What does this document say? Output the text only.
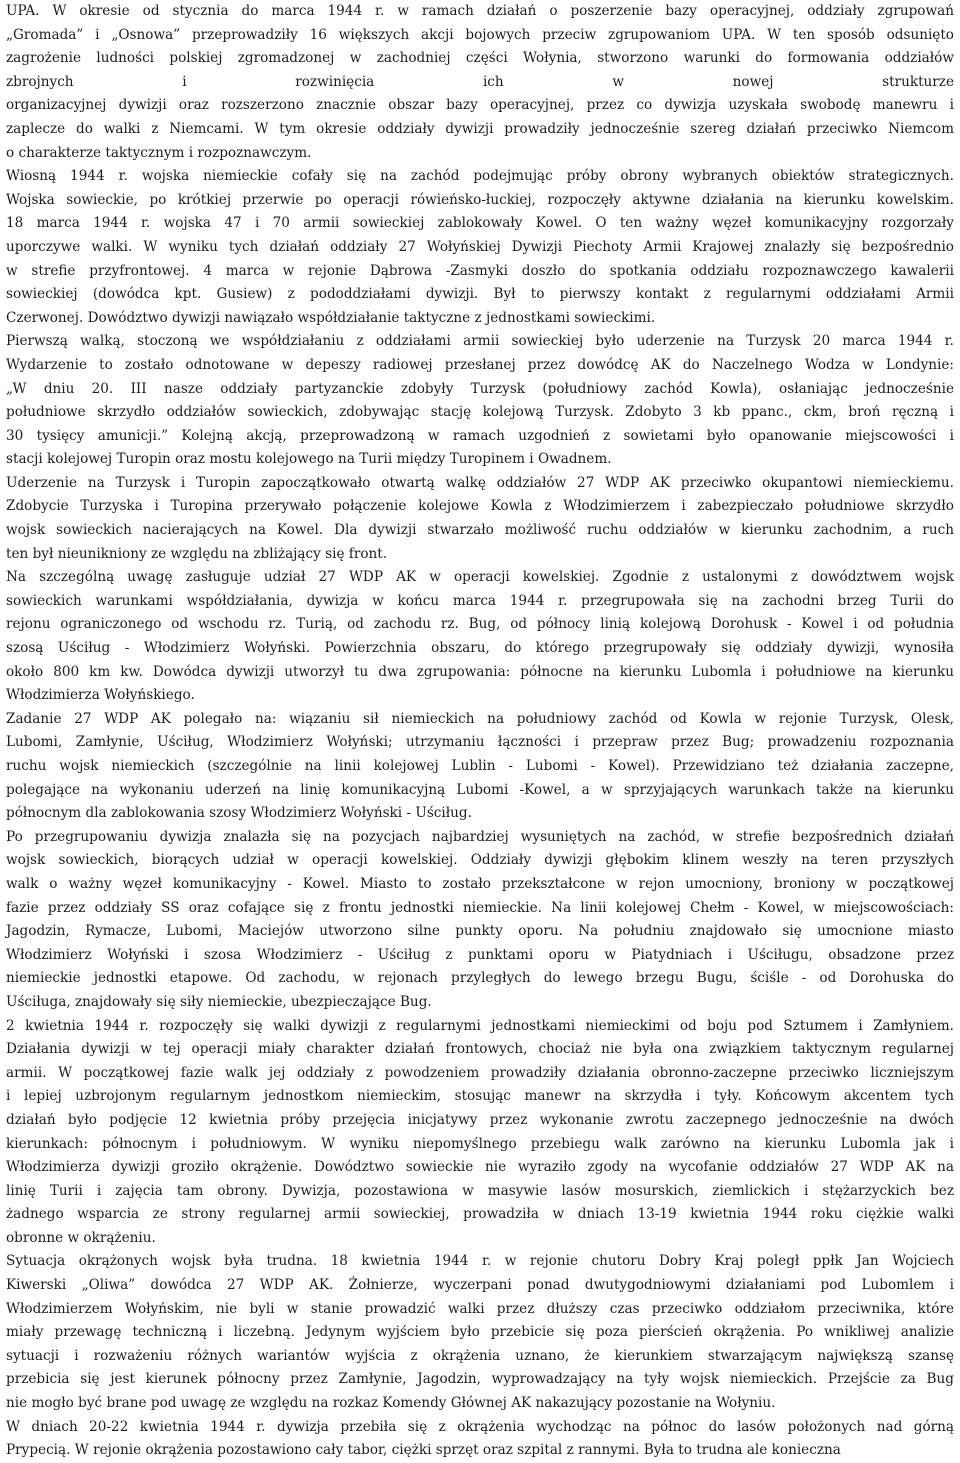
UPA. W okresie od stycznia do marca 1944 r. w ramach działań o poszerzenie bazy operacyjnej, oddziały zgrupowań
„Gromada” i „Osnowa” przeprowadziły 16 większych akcji bojowych przeciw zgrupowaniom UPA. W ten sposób odsunięto
zagrożenie ludności polskiej zgromadzonej w zachodniej części Wołynia, stworzono warunki do formowania oddziałów
zbrojnych i rozwinięcia ich w nowej strukturze
organizacyjnej dywizji oraz rozszerzono znacznie obszar bazy operacyjnej, przez co dywizja uzyskała swobodę manewru i
zaplecze do walki z Niemcami. W tym okresie oddziały dywizji prowadziły jednocześnie szereg działań przeciwko Niemcom
o charakterze taktycznym i rozpoznawczym.

Wiosną 1944 r. wojska niemieckie cofały się na zachód podejmując próby obrony wybranych obiektów strategicznych.
Wojska sowieckie, po krótkiej przerwie po operacji rówieńsko-łuckiej, rozpoczęły aktywne działania na kierunku kowelskim.
18 marca 1944 r. wojska 47 i 70 armii sowieckiej zablokowały Kowel. O ten ważny węzeł komunikacyjny rozgorzały
uporczywe walki. W wyniku tych działań oddziały 27 Wołyńskiej Dywizji Piechoty Armii Krajowej znalazły się bezpośrednio
w strefie przyfrontowej. 4 marca w rejonie Dąbrowa -Zasmyki doszło do spotkania oddziału rozpoznawczego kawalerii
sowieckiej (dowódca kpt. Gusiew) z pododdziałami dywizji. Był to pierwszy kontakt z regularnymi oddziałami Armii
Czerwonej. Dowództwo dywizji nawiązało współdziałanie taktyczne z jednostkami sowieckimi.

Pierwszą walką, stoczoną we współdziałaniu z oddziałami armii sowieckiej było uderzenie na Turzysk 20 marca 1944 r.
Wydarzenie to zostało odnotowane w depeszy radiowej przesłanej przez dowódcę AK do Naczelnego Wodza w Londynie:
„W dniu 20. III nasze oddziały partyzanckie zdobyły Turzysk (południowy zachód Kowla), osłaniając jednocześnie
południowe skrzydło oddziałów sowieckich, zdobywając stację kolejową Turzysk. Zdobyto 3 kb ppanc., ckm, broń ręczną i
30 tysięcy amunicji.” Kolejną akcją, przeprowadzoną w ramach uzgodnień z sowietami było opanowanie miejscowości i
stacji kolejowej Turopin oraz mostu kolejowego na Turii między Turopinem i Owadnem.

Uderzenie na Turzysk i Turopin zapoczątkowało otwartą walkę oddziałów 27 WDP AK przeciwko okupantowi niemieckiemu.
Zdobycie Turzyska i Turopina przerywało połączenie kolejowe Kowla z Włodzimierzem i zabezpieczało południowe skrzydło
wojsk sowieckich nacierających na Kowel. Dla dywizji stwarzało możliwość ruchu oddziałów w kierunku zachodnim, a ruch
ten był nieunikniony ze względu na zbliżający się front.

Na szczególną uwagę zasługuje udział 27 WDP AK w operacji kowelskiej. Zgodnie z ustalonymi z dowództwem wojsk
sowieckich warunkami współdziałania, dywizja w końcu marca 1944 r. przegrupowała się na zachodni brzeg Turii do
rejonu ograniczonego od wschodu rz. Turią, od zachodu rz. Bug, od północy linią kolejową Dorohusk - Kowel i od południa
szosą Uściług - Włodzimierz Wołyński. Powierzchnia obszaru, do którego przegrupowały się oddziały dywizji, wynosiła
około 800 km kw. Dowódca dywizji utworzył tu dwa zgrupowania: północne na kierunku Lubomla i południowe na kierunku
Włodzimierza Wołyńskiego.

Zadanie 27 WDP AK polegało na: wiązaniu sił niemieckich na południowy zachód od Kowla w rejonie Turzysk, Olesk,
Lubomi, Zamłynie, Uściług, Włodzimierz Wołyński; utrzymaniu łączności i przepraw przez Bug; prowadzeniu rozpoznania
ruchu wojsk niemieckich (szczególnie na linii kolejowej Lublin - Lubomi - Kowel). Przewidziano też działania zaczepne,
polegające na wykonaniu uderzeń na linię komunikacyjną Lubomi -Kowel, a w sprzyjających warunkach także na kierunku
północnym dla zablokowania szosy Włodzimierz Wołyński - Uściług.

Po przegrupowaniu dywizja znalazła się na pozycjach najbardziej wysuniętych na zachód, w strefie bezpośrednich działań
wojsk sowieckich, biorących udział w operacji kowelskiej. Oddziały dywizji głębokim klinem weszły na teren przyszłych
walk o ważny węzeł komunikacyjny - Kowel. Miasto to zostało przekształcone w rejon umocniony, broniony w początkowej
fazie przez oddziały SS oraz cofające się z frontu jednostki niemieckie. Na linii kolejowej Chełm - Kowel, w miejscowościach:
Jagodzin, Rymacze, Lubomi, Maciejów utworzono silne punkty oporu. Na południu znajdowało się umocnione miasto
Włodzimierz Wołyński i szosa Włodzimierz - Uściług z punktami oporu w Piatydniach i Uściługu, obsadzone przez
niemieckie jednostki etapowe. Od zachodu, w rejonach przyległych do lewego brzegu Bugu, ściśle - od Dorohuska do
Uściługa, znajdowały się siły niemieckie, ubezpieczające Bug.

2 kwietnia 1944 r. rozpoczęły się walki dywizji z regularnymi jednostkami niemieckimi od boju pod Sztumem i Zamłyniem.
Działania dywizji w tej operacji miały charakter działań frontowych, chociaż nie była ona związkiem taktycznym regularnej
armii. W początkowej fazie walk jej oddziały z powodzeniem prowadziły działania obronno-zaczepne przeciwko liczniejszym
i lepiej uzbrojonym regularnym jednostkom niemieckim, stosując manewr na skrzydła i tyły. Końcowym akcentem tych
działań było podjęcie 12 kwietnia próby przejęcia inicjatywy przez wykonanie zwrotu zaczepnego jednocześnie na dwóch
kierunkach: północnym i południowym. W wyniku niepomyślnego przebiegu walk zarówno na kierunku Lubomla jak i
Włodzimierza dywizji groziło okrążenie. Dowództwo sowieckie nie wyraziło zgody na wycofanie oddziałów 27 WDP AK na
linię Turii i zajęcia tam obrony. Dywizja, pozostawiona w masywie lasów mosurskich, ziemlickich i stężarzyckich bez
żadnego wsparcia ze strony regularnej armii sowieckiej, prowadziła w dniach 13-19 kwietnia 1944 roku ciężkie walki
obronne w okrążeniu.

Sytuacja okrążonych wojsk była trudna. 18 kwietnia 1944 r. w rejonie chutoru Dobry Kraj poległ ppłk Jan Wojciech
Kiwerski „Oliwa” dowódca 27 WDP AK. Żołnierze, wyczerpani ponad dwutygodniowymi działaniami pod Lubomlem i
Włodzimierzem Wołyńskim, nie byli w stanie prowadzić walki przez dłuższy czas przeciwko oddziałom przeciwnika, które
miały przewagę techniczną i liczebną. Jedynym wyjściem było przebicie się poza pierścień okrążenia. Po wnikliwej analizie
sytuacji i rozważeniu różnych wariantów wyjścia z okrążenia uznano, że kierunkiem stwarzającym największą szansę
przebicia się jest kierunek północny przez Zamłynie, Jagodzin, wyprowadzający na tyły wojsk niemieckich. Przejście za Bug
nie mogło być brane pod uwagę ze względu na rozkaz Komendy Głównej AK nakazujący pozostanie na Wołyniu.

W dniach 20-22 kwietnia 1944 r. dywizja przebiła się z okrążenia wychodząc na północ do lasów położonych nad górną
Prypecią. W rejonie okrążenia pozostawiono cały tabor, ciężki sprzęt oraz szpital z rannymi. Była to trudna ale konieczna
